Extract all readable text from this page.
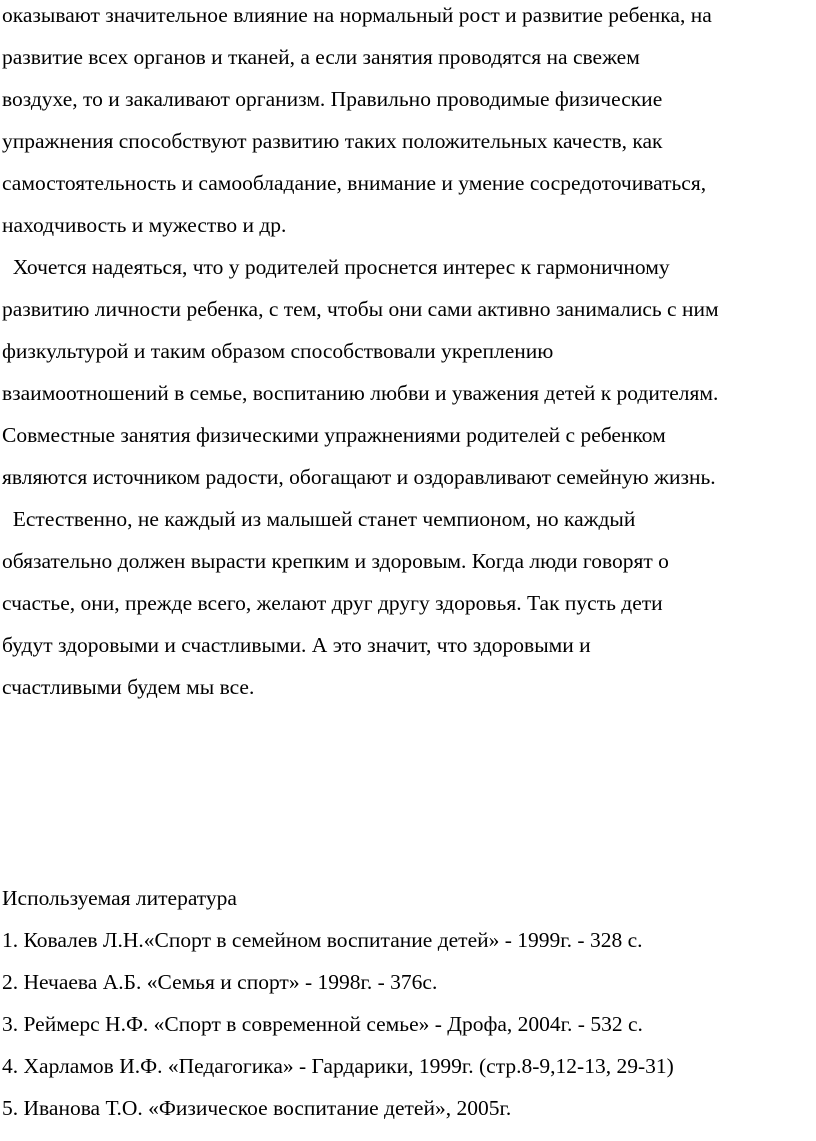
оказывают значительное влияние на нормальный рост и развитие ребенка, на

развитие всех органов и тканей, а если занятия проводятся на свежем

воздухе, то и закаливают организм. Правильно проводимые физические

упражнения способствуют развитию таких положительных качеств, как

самостоятельность и самообладание, внимание и умение сосредоточиваться,

находчивость и мужество и др.

Хочется надеяться, что у родителей проснется интерес к гармоничному

развитию личности ребенка, с тем, чтобы они сами активно занимались с ним

физкультурой и таким образом способствовали укреплению

взаимоотношений в семье, воспитанию любви и уважения детей к родителям.

Совместные занятия физическими упражнениями родителей с ребенком

являются источником радости, обогащают и оздоравливают семейную жизнь.

Естественно, не каждый из малышей станет чемпионом, но каждый

обязательно должен вырасти крепким и здоровым. Когда люди говорят о

счастье, они, прежде всего, желают друг другу здоровья. Так пусть дети

будут здоровыми и счастливыми. А это значит, что здоровыми и

счастливыми будем мы все.

Используемая литература

1. Ковалев Л.Н.«Спорт в семейном воспитание детей» - 1999г. - 328 с.

2. Нечаева А.Б. «Семья и спорт» - 1998г. - 376с.

3. Реймерс Н.Ф. «Спорт в современной семье» - Дрофа, 2004г. - 532 с.

4. Харламов И.Ф. «Педагогика» - Гардарики, 1999г. (стр.8-9,12-13, 29-31)

5. Иванова Т.О. «Физическое воспитание детей», 2005г.
